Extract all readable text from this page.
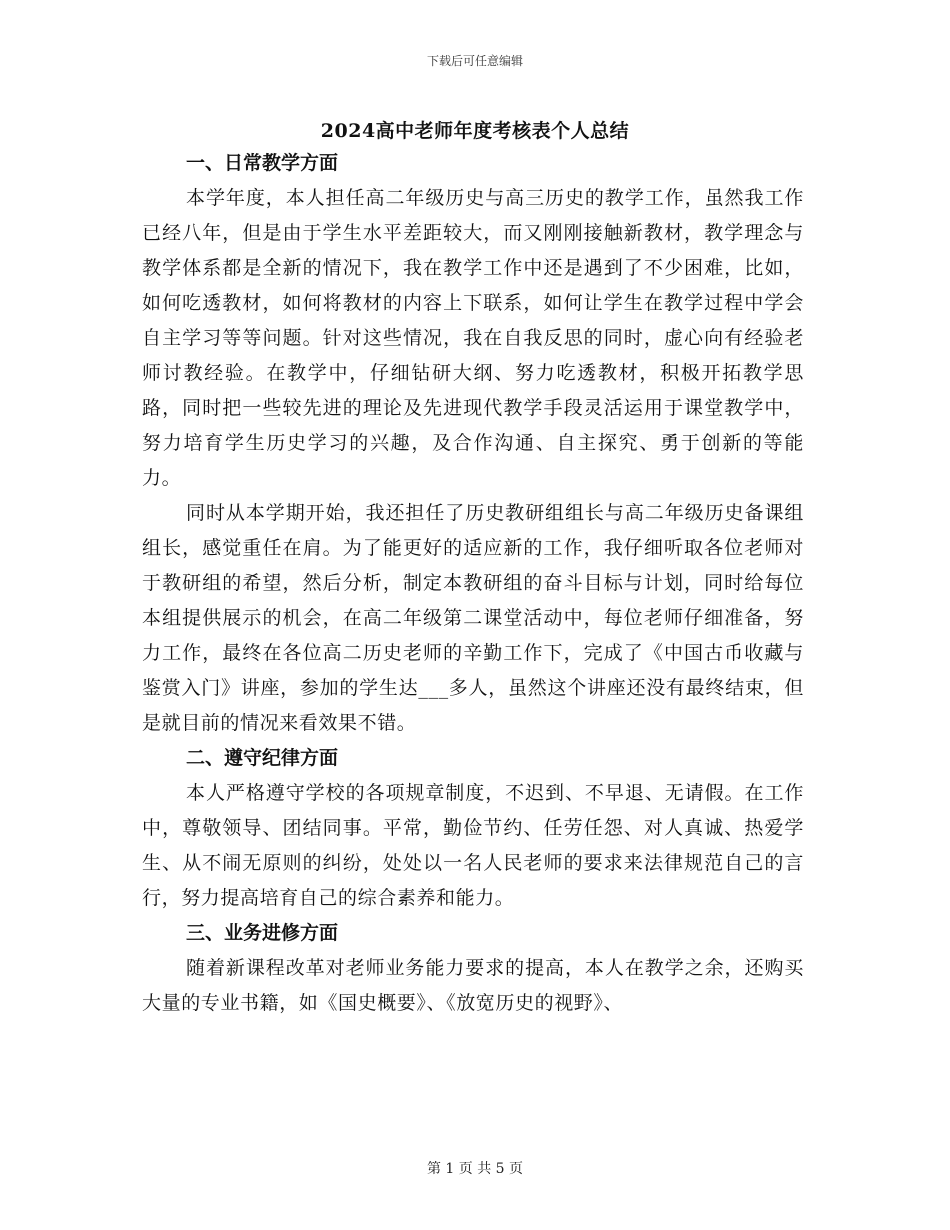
下载后可任意编辑
2024高中老师年度考核表个人总结

一、日常教学方面

本学年度，本人担任高二年级历史与高三历史的教学工作，虽然我工作已经八年，但是由于学生水平差距较大，而又刚刚接触新教材，教学理念与教学体系都是全新的情况下，我在教学工作中还是遇到了不少困难，比如，如何吃透教材，如何将教材的内容上下联系，如何让学生在教学过程中学会自主学习等等问题。针对这些情况，我在自我反思的同时，虚心向有经验老师讨教经验。在教学中，仔细钻研大纲、努力吃透教材，积极开拓教学思路，同时把一些较先进的理论及先进现代教学手段灵活运用于课堂教学中，努力培育学生历史学习的兴趣，及合作沟通、自主探究、勇于创新的等能力。

同时从本学期开始，我还担任了历史教研组组长与高二年级历史备课组组长，感觉重任在肩。为了能更好的适应新的工作，我仔细听取各位老师对于教研组的希望，然后分析，制定本教研组的奋斗目标与计划，同时给每位本组提供展示的机会，在高二年级第二课堂活动中，每位老师仔细准备，努力工作，最终在各位高二历史老师的辛勤工作下，完成了《中国古币收藏与鉴赏入门》讲座，参加的学生达___多人，虽然这个讲座还没有最终结束，但是就目前的情况来看效果不错。

二、遵守纪律方面

本人严格遵守学校的各项规章制度，不迟到、不早退、无请假。在工作中，尊敬领导、团结同事。平常，勤俭节约、任劳任怨、对人真诚、热爱学生、从不闹无原则的纠纷，处处以一名人民老师的要求来法律规范自己的言行，努力提高培育自己的综合素养和能力。

三、业务进修方面

随着新课程改革对老师业务能力要求的提高，本人在教学之余，还购买大量的专业书籍，如《国史概要》、《放宽历史的视野》、

第 1 页 共 5 页
